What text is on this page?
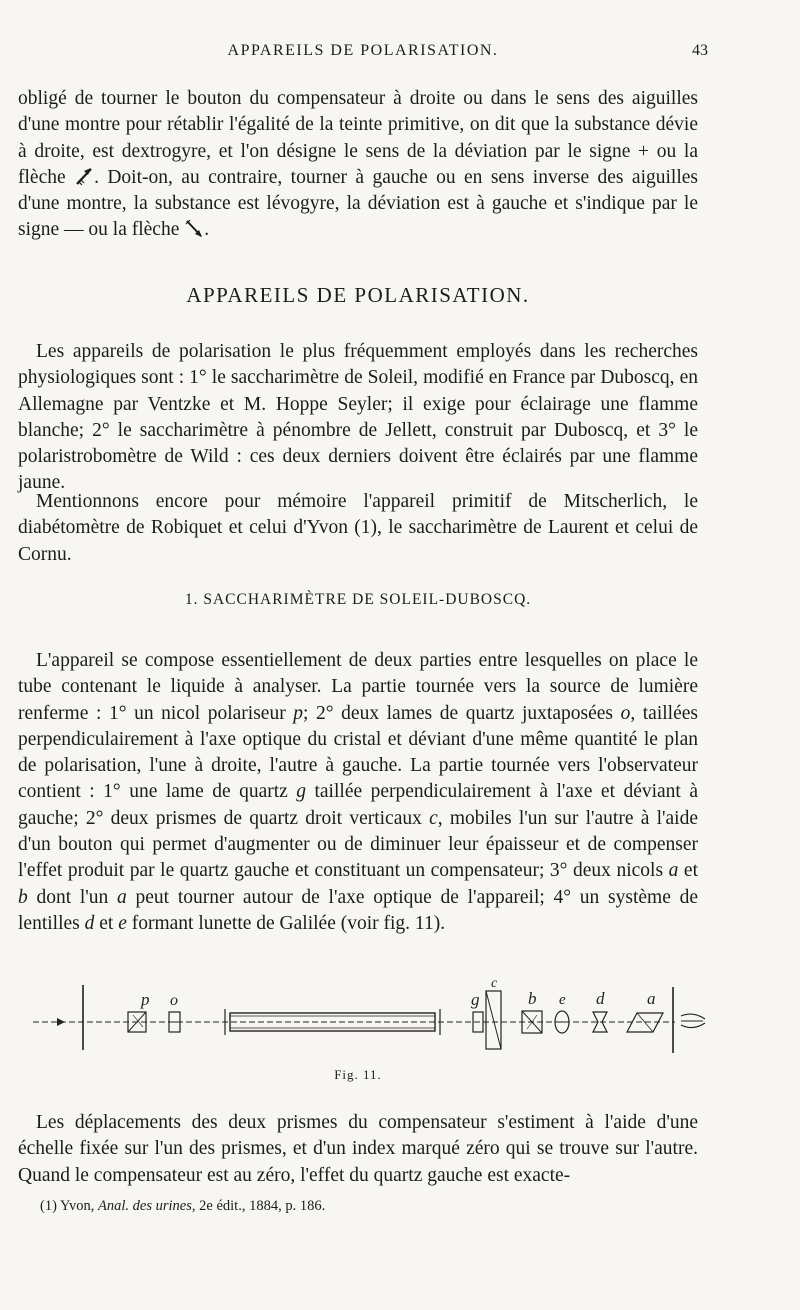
APPAREILS DE POLARISATION.	43

obligé de tourner le bouton du compensateur à droite ou dans le sens des aiguilles d'une montre pour rétablir l'égalité de la teinte primitive, on dit que la substance dévie à droite, est dextrogyre, et l'on désigne le sens de la déviation par le signe + ou la flèche . Doit-on, au contraire, tourner à gauche ou en sens inverse des aiguilles d'une montre, la substance est lévogyre, la déviation est à gauche et s'indique par le signe — ou la flèche .

APPAREILS DE POLARISATION.

Les appareils de polarisation le plus fréquemment employés dans les recherches physiologiques sont : 1° le saccharimètre de Soleil, modifié en France par Duboscq, en Allemagne par Ventzke et M. Hoppe Seyler; il exige pour éclairage une flamme blanche; 2° le saccharimètre à pénombre de Jellett, construit par Duboscq, et 3° le polaristrobomètre de Wild : ces deux derniers doivent être éclairés par une flamme jaune.

Mentionnons encore pour mémoire l'appareil primitif de Mitscherlich, le diabétomètre de Robiquet et celui d'Yvon (1), le saccharimètre de Laurent et celui de Cornu.

1. SACCHARIMÈTRE DE SOLEIL-DUBOSCQ.

L'appareil se compose essentiellement de deux parties entre lesquelles on place le tube contenant le liquide à analyser. La partie tournée vers la source de lumière renferme : 1° un nicol polariseur p; 2° deux lames de quartz juxtaposées o, taillées perpendiculairement à l'axe optique du cristal et déviant d'une même quantité le plan de polarisation, l'une à droite, l'autre à gauche. La partie tournée vers l'observateur contient : 1° une lame de quartz g taillée perpendiculairement à l'axe et déviant à gauche; 2° deux prismes de quartz droit verticaux c, mobiles l'un sur l'autre à l'aide d'un bouton qui permet d'augmenter ou de diminuer leur épaisseur et de compenser l'effet produit par le quartz gauche et constituant un compensateur; 3° deux nicols a et b dont l'un a peut tourner autour de l'axe optique de l'appareil; 4° un système de lentilles d et e formant lunette de Galilée (voir fig. 11).

p o	g
c
b e d	a
Fig. 11.

Les déplacements des deux prismes du compensateur s'estiment à l'aide d'une échelle fixée sur l'un des prismes, et d'un index marqué zéro qui se trouve sur l'autre. Quand le compensateur est au zéro, l'effet du quartz gauche est exacte-

(1) Yvon, Anal. des urines, 2e édit., 1884, p. 186.
